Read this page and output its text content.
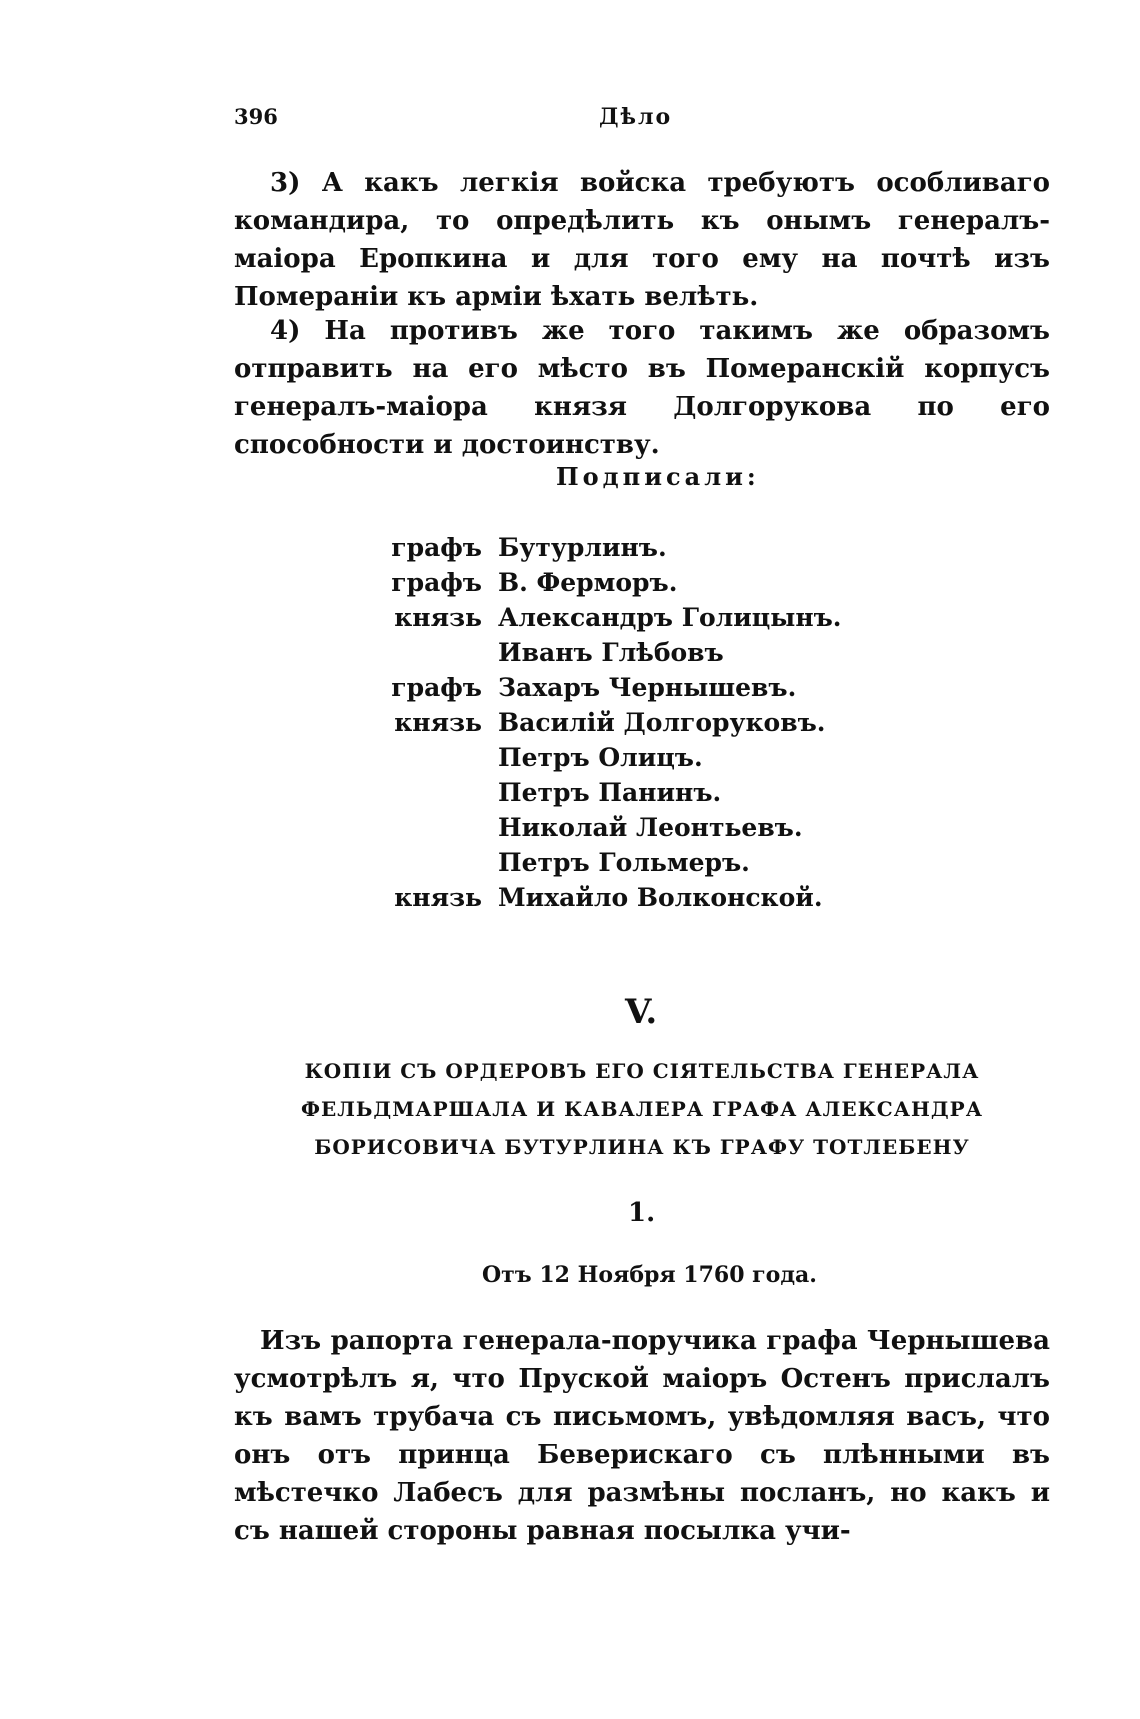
396	Дѣло

3) А какъ легкія войска требуютъ особливаго командира, то опредѣлить къ онымъ генералъ-маіора Еропкина и для того ему на почтѣ изъ Помераніи къ арміи ѣхать велѣть.

4) На противъ же того такимъ же образомъ отправить на его мѣсто въ Померанскій корпусъ генералъ-маіора князя Долгорукова по его способности и достоинству.

Подписали:
графъ Бутурлинъ.
графъ В. Ферморъ.
князь Александръ Голицынъ.
Иванъ Глѣбовъ
графъ Захаръ Чернышевъ.
князь Василій Долгоруковъ.
Петръ Олицъ.
Петръ Панинъ.
Николай Леонтьевъ.
Петръ Гольмеръ.
князь Михайло Волконской.
V.
КОПІИ СЪ ОРДЕРОВЪ ЕГО СІЯТЕЛЬСТВА ГЕНЕРАЛА ФЕЛЬДМАРШАЛА И КАВАЛЕРА ГРАФА АЛЕКСАНДРА БОРИСОВИЧА БУТУРЛИНА КЪ ГРАФУ ТОТЛЕБЕНУ
1.
Отъ 12 Ноября 1760 года.

Изъ рапорта генерала-поручика графа Чернышева усмотрѣлъ я, что Пруской маіоръ Остенъ прислалъ къ вамъ трубача съ письмомъ, увѣдомляя васъ, что онъ отъ принца Беверискаго съ плѣнными въ мѣстечко Лабесъ для размѣны посланъ, но какъ и съ нашей стороны равная посылка учи-
